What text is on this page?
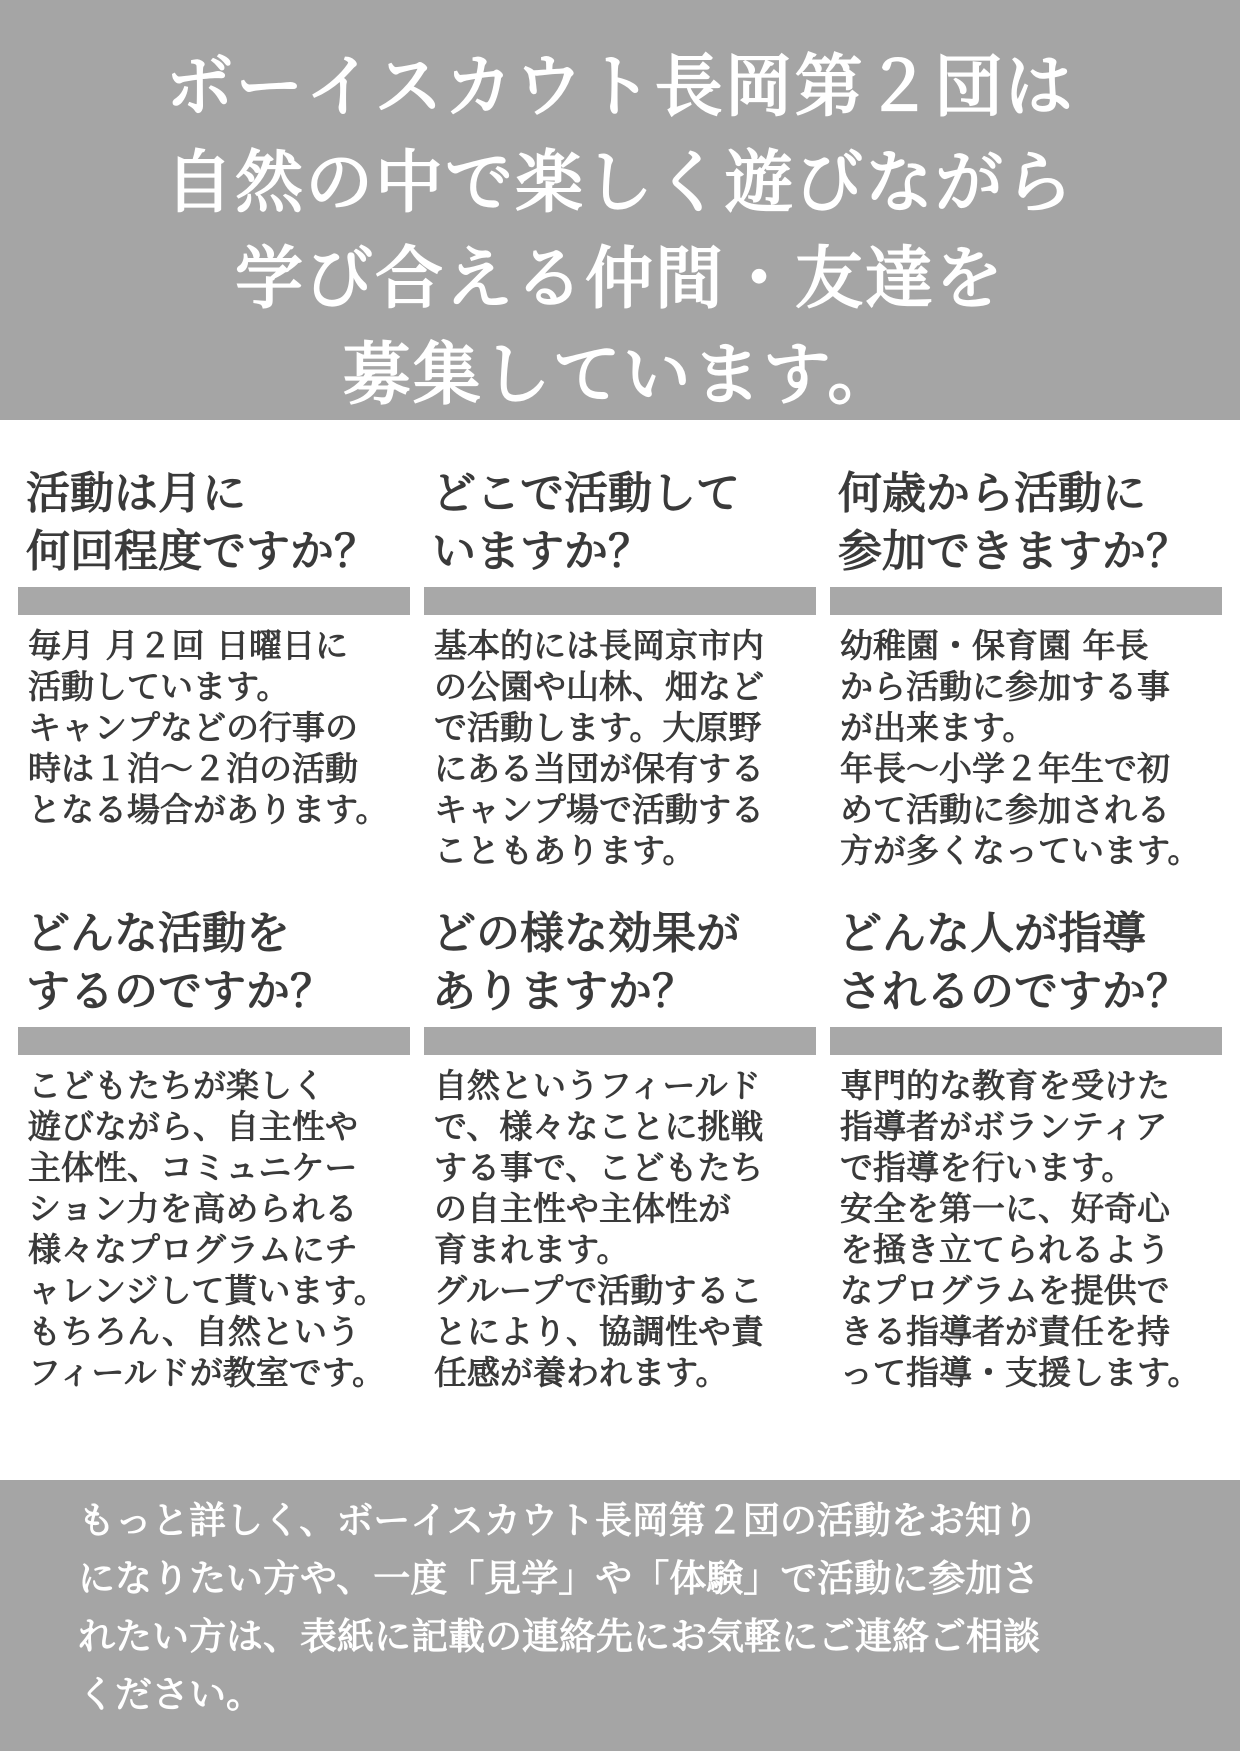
ボーイスカウト長岡第２団は
自然の中で楽しく遊びながら
学び合える仲間・友達を
募集しています。
活動は月に
何回程度ですか？
毎月 月２回 日曜日に
活動しています。
キャンプなどの行事の
時は１泊～２泊の活動
となる場合があります。
どこで活動して
いますか？
基本的には長岡京市内
の公園や山林、畑など
で活動します。大原野
にある当団が保有する
キャンプ場で活動する
こともあります。
何歳から活動に
参加できますか？
幼稚園・保育園 年長
から活動に参加する事
が出来ます。
年長～小学２年生で初
めて活動に参加される
方が多くなっています。
どんな活動を
するのですか？
こどもたちが楽しく
遊びながら、自主性や
主体性、コミュニケー
ション力を高められる
様々なプログラムにチ
ャレンジして貰います。
もちろん、自然という
フィールドが教室です。
どの様な効果が
ありますか？
自然というフィールド
で、様々なことに挑戦
する事で、こどもたち
の自主性や主体性が
育まれます。
グループで活動するこ
とにより、協調性や責
任感が養われます。
どんな人が指導
されるのですか？
専門的な教育を受けた
指導者がボランティア
で指導を行います。
安全を第一に、好奇心
を掻き立てられるよう
なプログラムを提供で
きる指導者が責任を持
って指導・支援します。
もっと詳しく、ボーイスカウト長岡第２団の活動をお知り
になりたい方や、一度「見学」や「体験」で活動に参加さ
れたい方は、表紙に記載の連絡先にお気軽にご連絡ご相談
ください。
